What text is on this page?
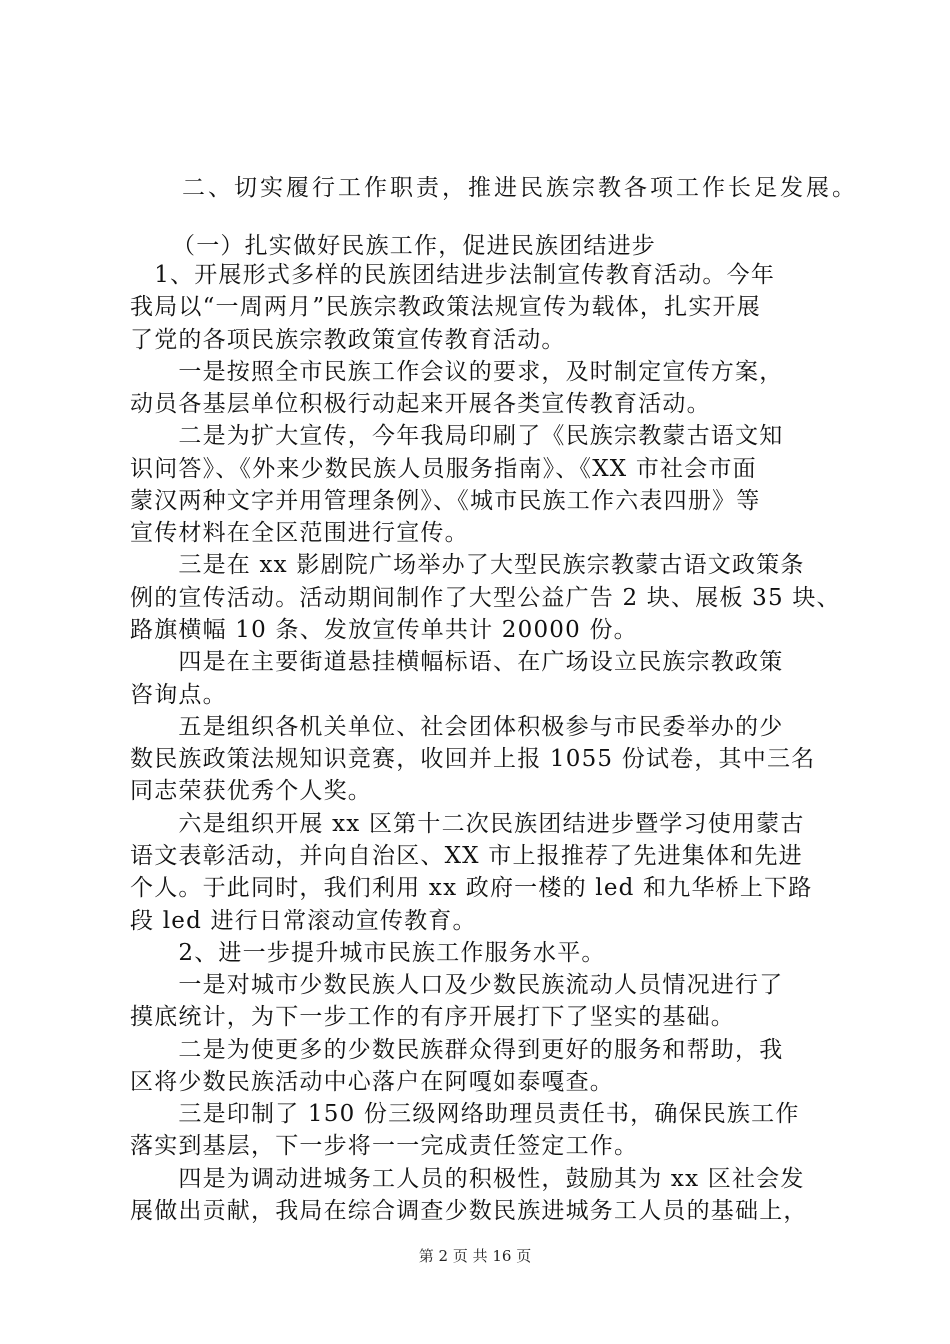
二、切实履行工作职责，推进民族宗教各项工作长足发展。
（一）扎实做好民族工作，促进民族团结进步
　1、开展形式多样的民族团结进步法制宣传教育活动。今年
我局以“一周两月”民族宗教政策法规宣传为载体，扎实开展
了党的各项民族宗教政策宣传教育活动。
　　一是按照全市民族工作会议的要求，及时制定宣传方案，
动员各基层单位积极行动起来开展各类宣传教育活动。
　　二是为扩大宣传，今年我局印刷了《民族宗教蒙古语文知
识问答》、《外来少数民族人员服务指南》、《XX 市社会市面
蒙汉两种文字并用管理条例》、《城市民族工作六表四册》等
宣传材料在全区范围进行宣传。
　　三是在 xx 影剧院广场举办了大型民族宗教蒙古语文政策条
例的宣传活动。活动期间制作了大型公益广告 2 块、展板 35 块、
路旗横幅 10 条、发放宣传单共计 20000 份。
　　四是在主要街道悬挂横幅标语、在广场设立民族宗教政策
咨询点。
　　五是组织各机关单位、社会团体积极参与市民委举办的少
数民族政策法规知识竞赛，收回并上报 1055 份试卷，其中三名
同志荣获优秀个人奖。
　　六是组织开展 xx 区第十二次民族团结进步暨学习使用蒙古
语文表彰活动，并向自治区、XX 市上报推荐了先进集体和先进
个人。于此同时，我们利用 xx 政府一楼的 led 和九华桥上下路
段 led 进行日常滚动宣传教育。
　　2、进一步提升城市民族工作服务水平。
　　一是对城市少数民族人口及少数民族流动人员情况进行了
摸底统计，为下一步工作的有序开展打下了坚实的基础。
　　二是为使更多的少数民族群众得到更好的服务和帮助，我
区将少数民族活动中心落户在阿嘎如泰嘎查。
　　三是印制了 150 份三级网络助理员责任书，确保民族工作
落实到基层，下一步将一一完成责任签定工作。
　　四是为调动进城务工人员的积极性，鼓励其为 xx 区社会发
展做出贡献，我局在综合调查少数民族进城务工人员的基础上，
第 2 页 共 16 页
